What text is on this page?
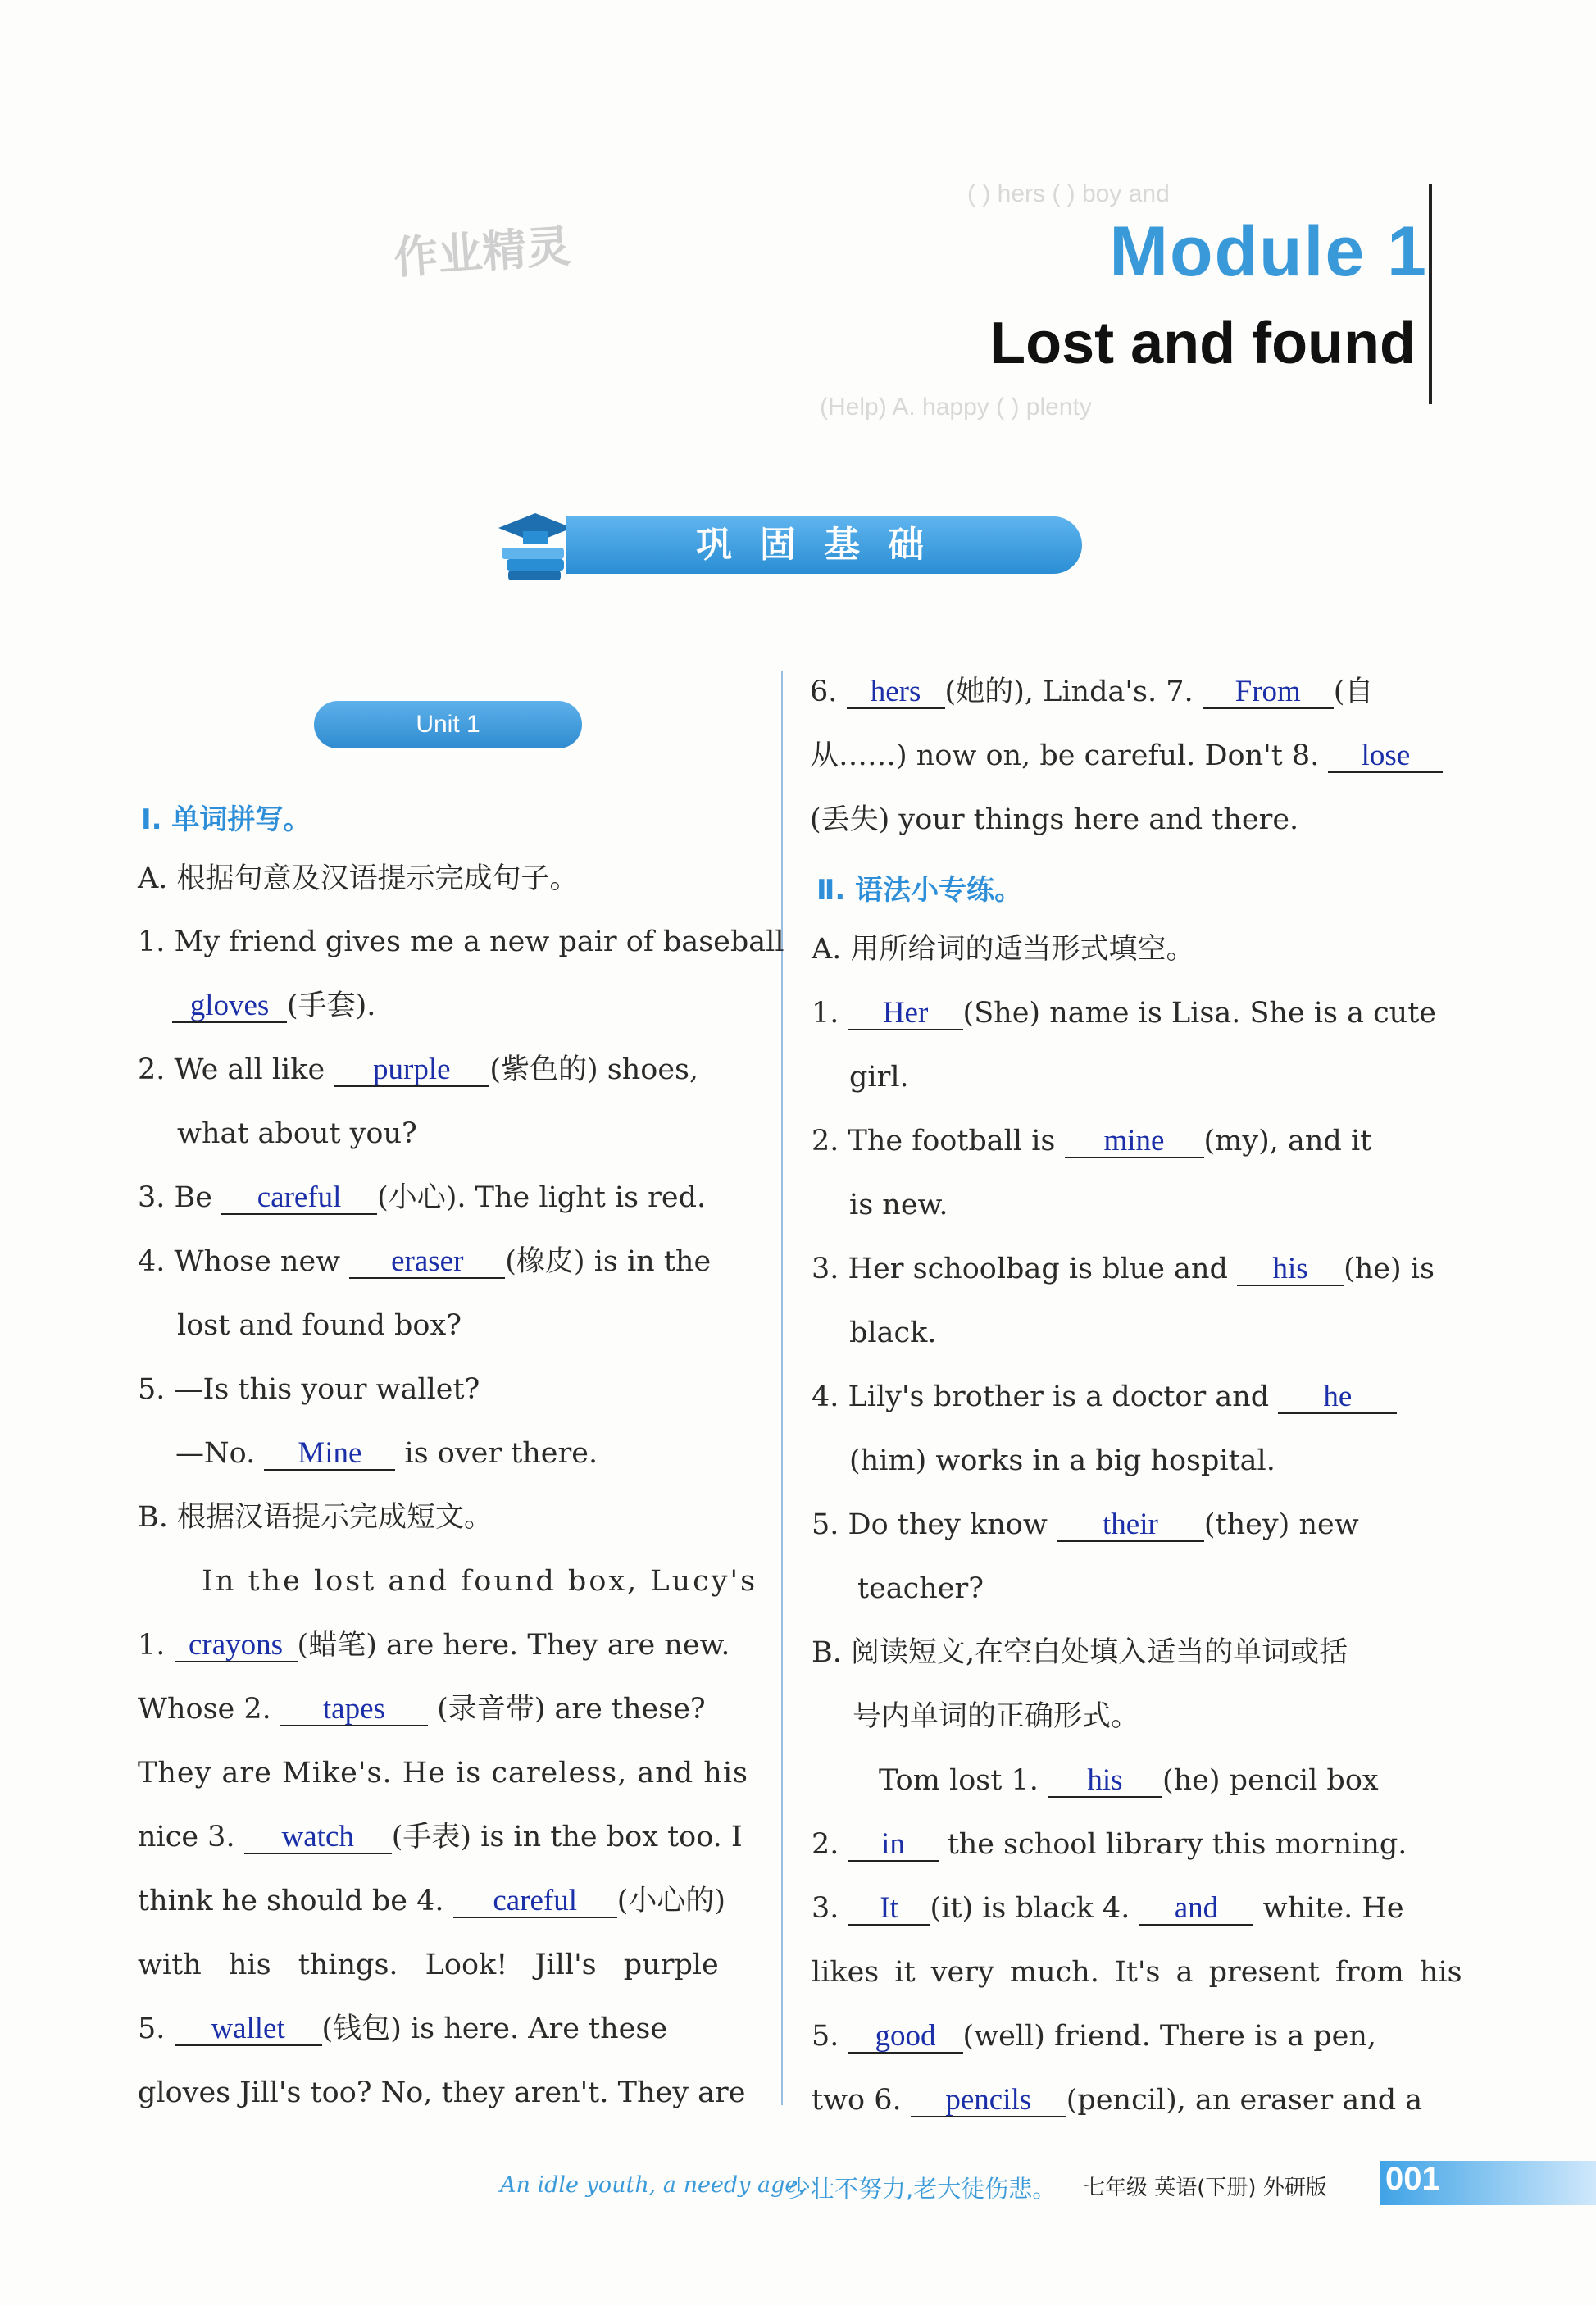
( ) hers ( ) boy and
(Help) A. happy ( ) plenty
作业精灵	Module 1
Lost and found
巩固基础
Unit 1
Ⅰ. 单词拼写。
A. 根据句意及汉语提示完成句子。
1. My friend gives me a new pair of baseball
gloves (手套).
2. We all like purple (紫色的) shoes,
what about you?
3. Be careful (小心). The light is red.
4. Whose new eraser (橡皮) is in the
lost and found box?
5. —Is this your wallet?
—No. Mine is over there.
B. 根据汉语提示完成短文。
In the lost and found box, Lucy's
1. crayons (蜡笔) are here. They are new.
Whose 2. tapes (录音带) are these?
They are Mike's. He is careless, and his
nice 3. watch (手表) is in the box too. I
think he should be 4. careful (小心的)
with his things. Look! Jill's purple
5. wallet (钱包) is here. Are these
gloves Jill's too? No, they aren't. They are
6. hers (她的), Linda's. 7. From (自
从……) now on, be careful. Don't 8. lose
(丢失) your things here and there.
Ⅱ. 语法小专练。
A. 用所给词的适当形式填空。
1. Her (She) name is Lisa. She is a cute
girl.
2. The football is mine (my), and it
is new.
3. Her schoolbag is blue and his (he) is
black.
4. Lily's brother is a doctor and he
(him) works in a big hospital.
5. Do they know their (they) new
teacher?
B. 阅读短文,在空白处填入适当的单词或括
号内单词的正确形式。
Tom lost 1. his (he) pencil box
2. in the school library this morning.
3. It (it) is black 4. and white. He
likes it very much. It's a present from his
5. good (well) friend. There is a pen,
two 6. pencils (pencil), an eraser and a
An idle youth, a needy age.
少壮不努力,老大徒伤悲。 七年级 英语(下册) 外研版 001
